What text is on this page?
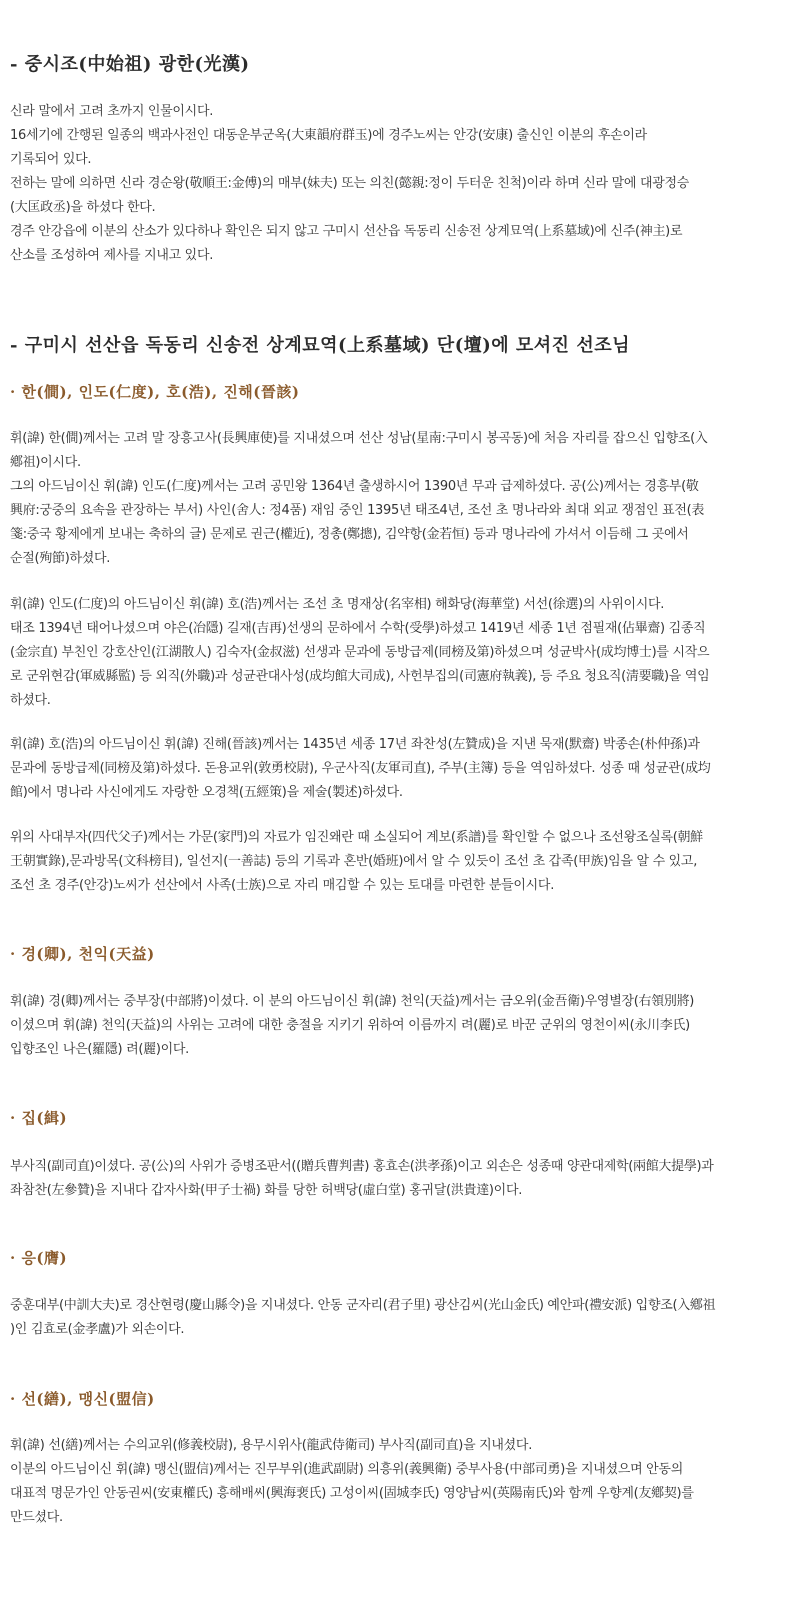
- 중시조(中始祖) 광한(光漢)
신라 말에서 고려 초까지 인물이시다.
16세기에 간행된 일종의 백과사전인 대동운부군옥(大東韻府群玉)에 경주노씨는 안강(安康) 출신인 이분의 후손이라
기록되어 있다.
전하는 말에 의하면 신라 경순왕(敬順王:金傅)의 매부(妹夫) 또는 의친(懿親:정이 두터운 친척)이라 하며 신라 말에 대광정승
(大匡政丞)을 하셨다 한다.
경주 안강읍에 이분의 산소가 있다하나 확인은 되지 않고 구미시 선산읍 독동리 신송전 상계묘역(上系墓域)에 신주(神主)로
산소를 조성하여 제사를 지내고 있다.
- 구미시 선산읍 독동리 신송전 상계묘역(上系墓域) 단(壇)에 모셔진 선조님
· 한(僴), 인도(仁度), 호(浩), 진해(晉該)
휘(諱) 한(僴)께서는 고려 말 장흥고사(長興庫使)를 지내셨으며 선산 성남(星南:구미시 봉곡동)에 처음 자리를 잡으신 입향조(入
鄕祖)이시다.
그의 아드님이신 휘(諱) 인도(仁度)께서는 고려 공민왕 1364년 출생하시어 1390년 무과 급제하셨다. 공(公)께서는 경흥부(敬
興府:궁중의 요속을 관장하는 부서) 사인(舍人: 정4품) 재임 중인 1395년 태조4년, 조선 초 명나라와 최대 외교 쟁점인 표전(表
箋:중국 황제에게 보내는 축하의 글) 문제로 권근(權近), 정총(鄭摠), 김약항(金若恒) 등과 명나라에 가셔서 이듬해 그 곳에서
순절(殉節)하셨다.
휘(諱) 인도(仁度)의 아드님이신 휘(諱) 호(浩)께서는 조선 초 명재상(名宰相) 해화당(海華堂) 서선(徐選)의 사위이시다.
태조 1394년 태어나셨으며 야은(冶隱) 길재(吉再)선생의 문하에서 수학(受學)하셨고 1419년 세종 1년 점필재(佔畢齋) 김종직
(金宗直) 부친인 강호산인(江湖散人) 김숙자(金叔滋) 선생과 문과에 동방급제(同榜及第)하셨으며 성균박사(成均博士)를 시작으
로 군위현감(軍威縣監) 등 외직(外職)과 성균관대사성(成均館大司成), 사헌부집의(司憲府執義), 등 주요 청요직(淸要職)을 역임
하셨다.
휘(諱) 호(浩)의 아드님이신 휘(諱) 진해(晉該)께서는 1435년 세종 17년 좌찬성(左贊成)을 지낸 묵재(默齋) 박종손(朴仲孫)과
문과에 동방급제(同榜及第)하셨다. 돈용교위(敦勇校尉), 우군사직(友軍司直), 주부(主簿) 등을 역임하셨다. 성종 때 성균관(成均
館)에서 명나라 사신에게도 자랑한 오경책(五經策)을 제술(製述)하셨다.
위의 사대부자(四代父子)께서는 가문(家門)의 자료가 임진왜란 때 소실되어 계보(系譜)를 확인할 수 없으나 조선왕조실록(朝鮮
王朝實錄),문과방목(文科榜目), 일선지(一善誌) 등의 기록과 혼반(婚班)에서 알 수 있듯이 조선 초 갑족(甲族)임을 알 수 있고,
조선 초 경주(안강)노씨가 선산에서 사족(士族)으로 자리 매김할 수 있는 토대를 마련한 분들이시다.
· 경(卿), 천익(天益)
휘(諱) 경(卿)께서는 중부장(中部將)이셨다. 이 분의 아드님이신 휘(諱) 천익(天益)께서는 금오위(金吾衛)우영별장(右領別將)
이셨으며 휘(諱) 천익(天益)의 사위는 고려에 대한 충절을 지키기 위하여 이름까지 려(麗)로 바꾼 군위의 영천이씨(永川李氏)
입향조인 나은(羅隱) 려(麗)이다.
· 집(緝)
부사직(副司直)이셨다. 공(公)의 사위가 증병조판서((贈兵曹判書) 홍효손(洪孝孫)이고 외손은 성종때 양관대제학(兩館大提學)과
좌참찬(左參贊)을 지내다 갑자사화(甲子士禍) 화를 당한 허백당(虛白堂) 홍귀달(洪貴達)이다.
· 응(膺)
중훈대부(中訓大夫)로 경산현령(慶山縣令)을 지내셨다. 안동 군자리(君子里) 광산김씨(光山金氏) 예안파(禮安派) 입향조(入鄕祖
)인 김효로(金孝盧)가 외손이다.
· 선(繕), 맹신(盟信)
휘(諱) 선(繕)께서는 수의교위(修義校尉), 용무시위사(龍武侍衛司) 부사직(副司直)을 지내셨다.
이분의 아드님이신 휘(諱) 맹신(盟信)께서는 진무부위(進武副尉) 의흥위(義興衛) 중부사용(中部司勇)을 지내셨으며 안동의
대표적 명문가인 안동권씨(安東權氏) 흥해배씨(興海裵氏) 고성이씨(固城李氏) 영양남씨(英陽南氏)와 함께 우향계(友鄕契)를
만드셨다.
